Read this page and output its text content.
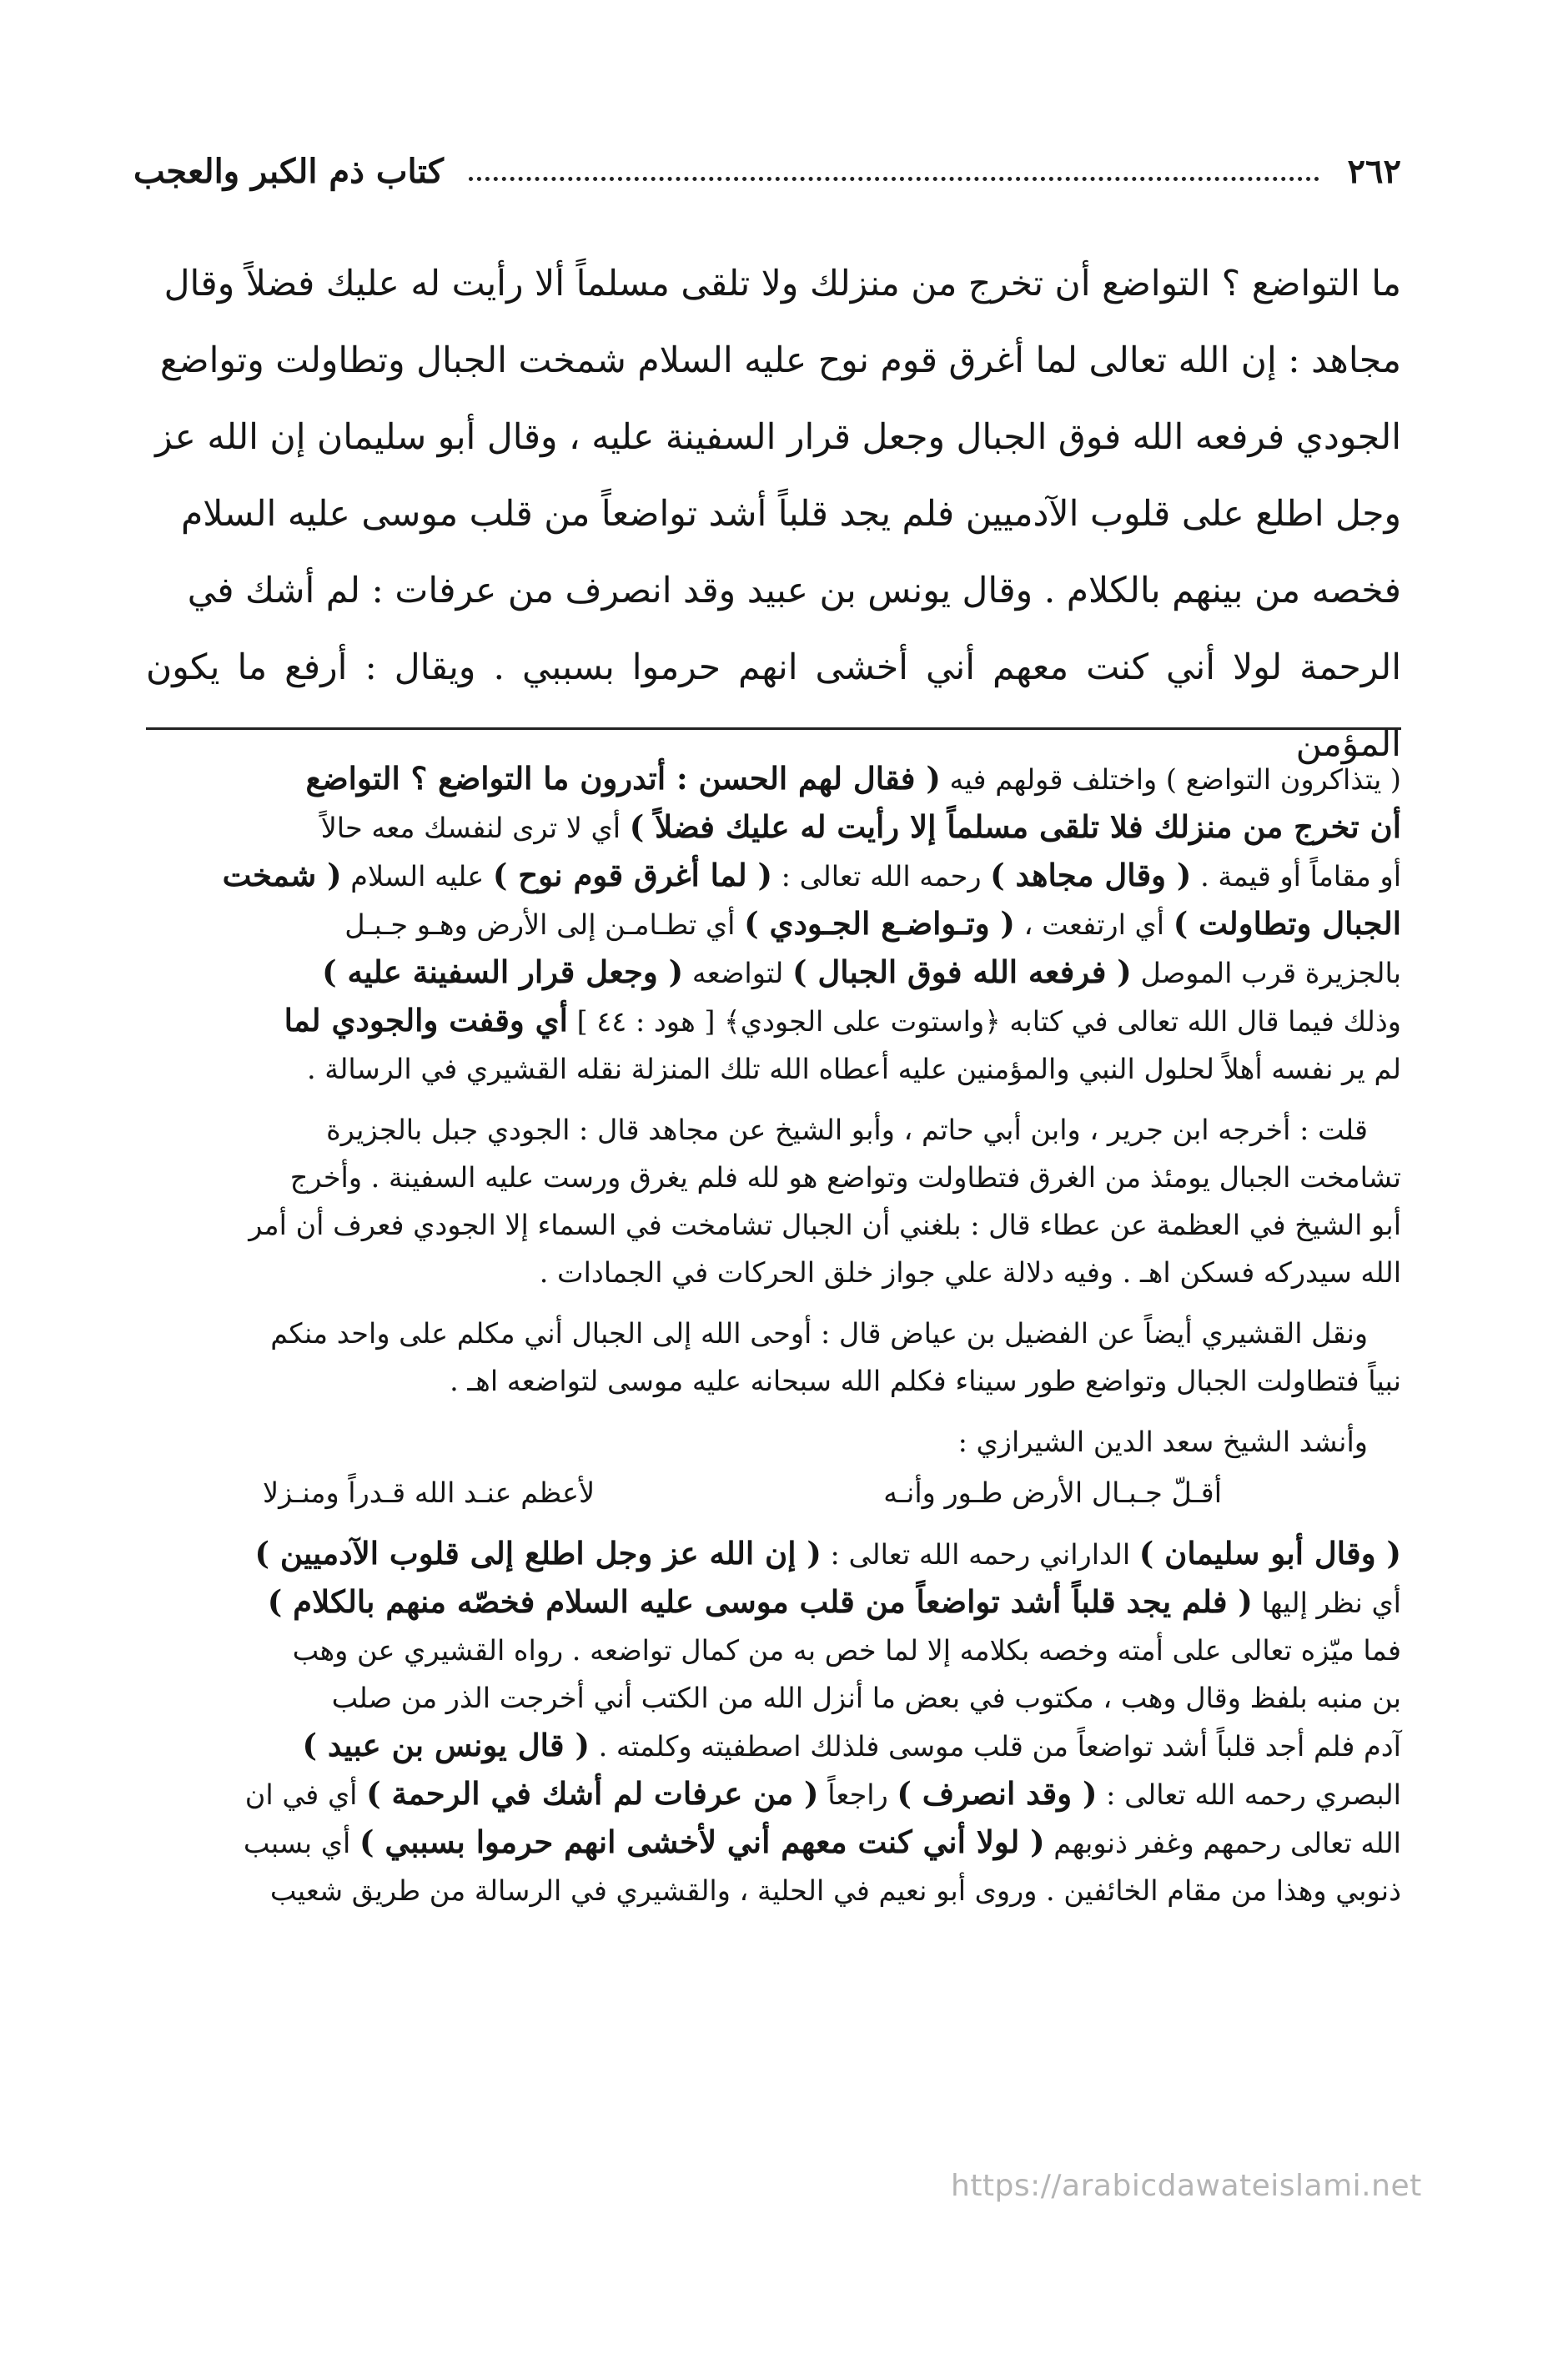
٢٦٢
كتاب ذم الكبر والعجب

ما التواضع ؟ التواضع أن تخرج من منزلك ولا تلقى مسلماً ألا رأيت له عليك فضلاً وقال

مجاهد : إن الله تعالى لما أغرق قوم نوح عليه السلام شمخت الجبال وتطاولت وتواضع

الجودي فرفعه الله فوق الجبال وجعل قرار السفينة عليه ، وقال أبو سليمان إن الله عز

وجل اطلع على قلوب الآدميين فلم يجد قلباً أشد تواضعاً من قلب موسى عليه السلام

فخصه من بينهم بالكلام . وقال يونس بن عبيد وقد انصرف من عرفات : لم أشك في

الرحمة لولا أني كنت معهم أني أخشى انهم حرموا بسببي . ويقال : أرفع ما يكون المؤمن

( يتذاكرون التواضع ) واختلف قولهم فيه ( فقال لهم الحسن : أتدرون ما التواضع ؟ التواضع

أن تخرج من منزلك فلا تلقى مسلماً إلا رأيت له عليك فضلاً ) أي لا ترى لنفسك معه حالاً

أو مقاماً أو قيمة . ( وقال مجاهد ) رحمه الله تعالى : ( لما أغرق قوم نوح ) عليه السلام ( شمخت

الجبال وتطاولت ) أي ارتفعت ، ( وتـواضـع الجـودي ) أي تطـامـن إلى الأرض وهـو جـبـل

بالجزيرة قرب الموصل ( فرفعه الله فوق الجبال ) لتواضعه ( وجعل قرار السفينة عليه )

وذلك فيما قال الله تعالى في كتابه ﴿واستوت على الجودي﴾ [ هود : ٤٤ ] أي وقفت والجودي لما

لم ير نفسه أهلاً لحلول النبي والمؤمنين عليه أعطاه الله تلك المنزلة نقله القشيري في الرسالة .

قلت : أخرجه ابن جرير ، وابن أبي حاتم ، وأبو الشيخ عن مجاهد قال : الجودي جبل بالجزيرة

تشامخت الجبال يومئذ من الغرق فتطاولت وتواضع هو لله فلم يغرق ورست عليه السفينة . وأخرج

أبو الشيخ في العظمة عن عطاء قال : بلغني أن الجبال تشامخت في السماء إلا الجودي فعرف أن أمر

الله سيدركه فسكن اهـ . وفيه دلالة علي جواز خلق الحركات في الجمادات .

ونقل القشيري أيضاً عن الفضيل بن عياض قال : أوحى الله إلى الجبال أني مكلم على واحد منكم

نبياً فتطاولت الجبال وتواضع طور سيناء فكلم الله سبحانه عليه موسى لتواضعه اهـ .

وأنشد الشيخ سعد الدين الشيرازي :

أقـلّ جـبـال الأرض طـور وأنـه
لأعظم عنـد الله قـدراً ومنـزلا

( وقال أبو سليمان ) الداراني رحمه الله تعالى : ( إن الله عز وجل اطلع إلى قلوب الآدميين )

أي نظر إليها ( فلم يجد قلباً أشد تواضعاً من قلب موسى عليه السلام فخصّه منهم بالكلام )

فما ميّزه تعالى على أمته وخصه بكلامه إلا لما خص به من كمال تواضعه . رواه القشيري عن وهب

بن منبه بلفظ وقال وهب ، مكتوب في بعض ما أنزل الله من الكتب أني أخرجت الذر من صلب

آدم فلم أجد قلباً أشد تواضعاً من قلب موسى فلذلك اصطفيته وكلمته . ( قال يونس بن عبيد )

البصري رحمه الله تعالى : ( وقد انصرف ) راجعاً ( من عرفات لم أشك في الرحمة ) أي في ان

الله تعالى رحمهم وغفر ذنوبهم ( لولا أني كنت معهم أني لأخشى انهم حرموا بسببي ) أي بسبب

ذنوبي وهذا من مقام الخائفين . وروى أبو نعيم في الحلية ، والقشيري في الرسالة من طريق شعيب

https://arabicdawateislami.net
